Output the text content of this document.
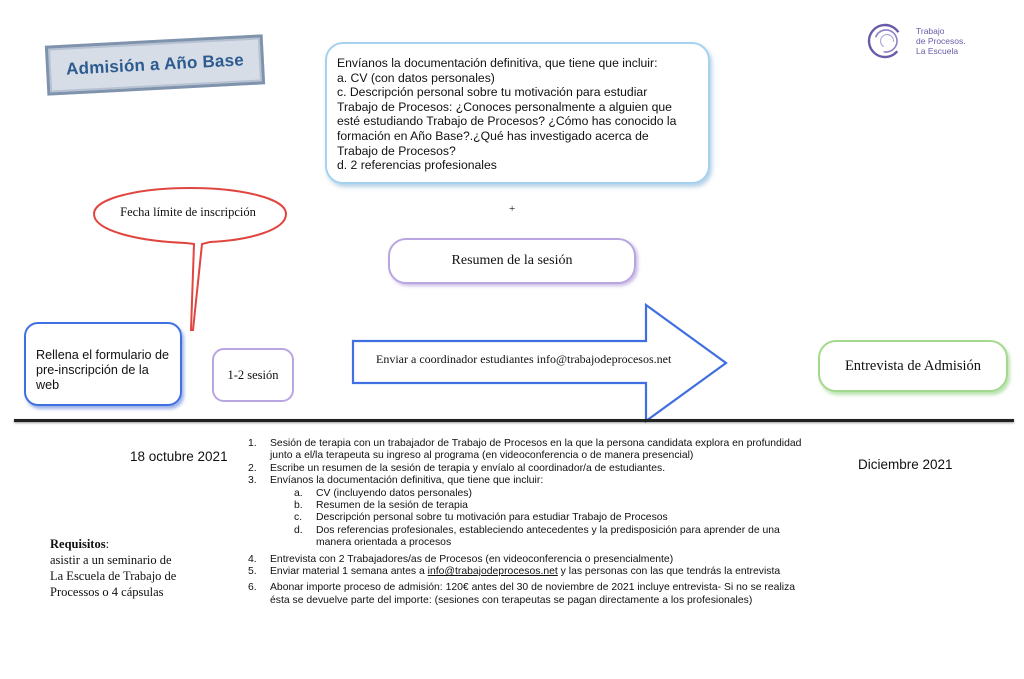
Admisión a Año Base
Trabajo
de Procesos.
La Escuela
Envíanos la documentación definitiva, que tiene que incluir:
a. CV (con datos personales)
c. Descripción personal sobre tu motivación para estudiar
Trabajo de Procesos: ¿Conoces personalmente a alguien que
esté estudiando Trabajo de Procesos? ¿Cómo has conocido la
formación en Año Base?.¿Qué has investigado acerca de
Trabajo de Procesos?
d. 2 referencias profesionales
+
Fecha límite de inscripción
Resumen de la sesión
Rellena el formulario de pre-inscripción de la web
1-2 sesión
Enviar a coordinador estudiantes info@trabajodeprocesos.net	Entrevista de Admisión
18 octubre 2021
Diciembre 2021
Requisitos:
asistir a un seminario de La Escuela de Trabajo de Processos o 4 cápsulas
1. Sesión de terapia con un trabajador de Trabajo de Procesos en la que la persona candidata explora en profundidad junto a el/la terapeuta su ingreso al programa (en videoconferencia o de manera presencial)
2. Escribe un resumen de la sesión de terapia y envíalo al coordinador/a de estudiantes.
3. Envíanos la documentación definitiva, que tiene que incluir:
a. CV (incluyendo datos personales)
b. Resumen de la sesión de terapia
c. Descripción personal sobre tu motivación para estudiar Trabajo de Procesos
d. Dos referencias profesionales, estableciendo antecedentes y la predisposición para aprender de una manera orientada a procesos
4. Entrevista con 2 Trabajadores/as de Procesos (en videoconferencia o presencialmente)
5. Enviar material 1 semana antes a info@trabajodeprocesos.net y las personas con las que tendrás la entrevista
6. Abonar importe proceso de admisión: 120€ antes del 30 de noviembre de 2021 incluye entrevista- Si no se realiza ésta se devuelve parte del importe: (sesiones con terapeutas se pagan directamente a los profesionales)
